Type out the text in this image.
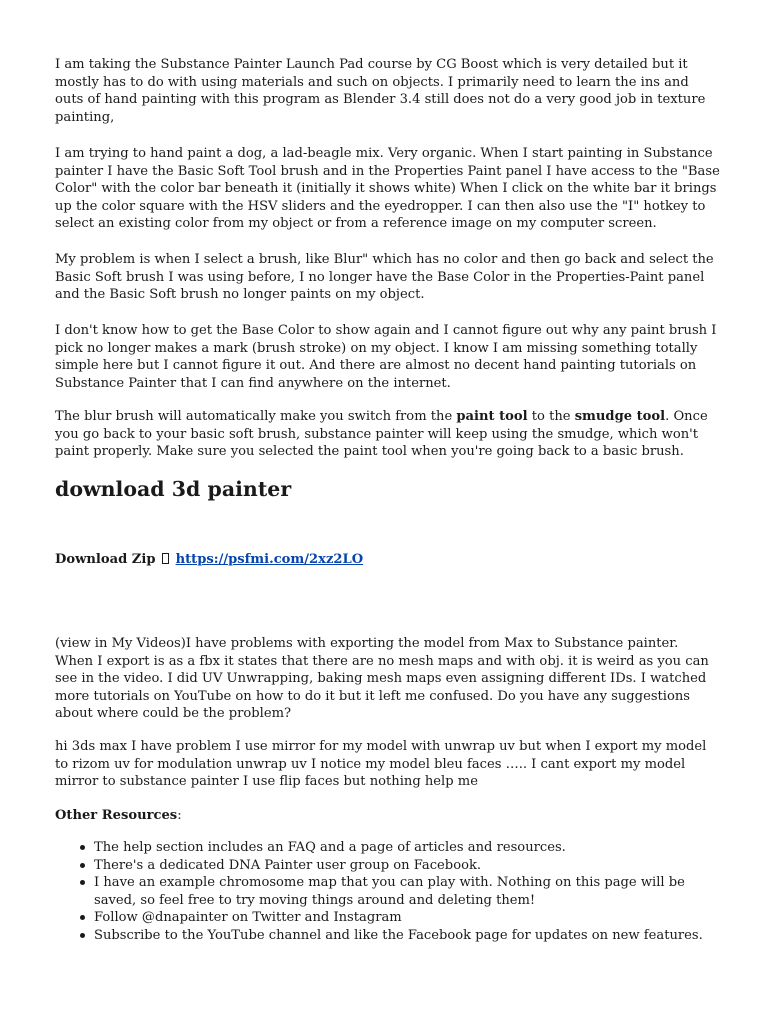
I am taking the Substance Painter Launch Pad course by CG Boost which is very detailed but it mostly has to do with using materials and such on objects. I primarily need to learn the ins and outs of hand painting with this program as Blender 3.4 still does not do a very good job in texture painting,

I am trying to hand paint a dog, a lad-beagle mix. Very organic. When I start painting in Substance painter I have the Basic Soft Tool brush and in the Properties Paint panel I have access to the "Base Color" with the color bar beneath it (initially it shows white) When I click on the white bar it brings up the color square with the HSV sliders and the eyedropper. I can then also use the "I" hotkey to select an existing color from my object or from a reference image on my computer screen.

My problem is when I select a brush, like Blur" which has no color and then go back and select the Basic Soft brush I was using before, I no longer have the Base Color in the Properties-Paint panel and the Basic Soft brush no longer paints on my object.

I don't know how to get the Base Color to show again and I cannot figure out why any paint brush I pick no longer makes a mark (brush stroke) on my object. I know I am missing something totally simple here but I cannot figure it out. And there are almost no decent hand painting tutorials on Substance Painter that I can find anywhere on the internet.

The blur brush will automatically make you switch from the paint tool to the smudge tool. Once you go back to your basic soft brush, substance painter will keep using the smudge, which won't paint properly. Make sure you selected the paint tool when you're going back to a basic brush.

download 3d painter

Download Zip https://psfmi.com/2xz2LO

(view in My Videos)I have problems with exporting the model from Max to Substance painter. When I export is as a fbx it states that there are no mesh maps and with obj. it is weird as you can see in the video. I did UV Unwrapping, baking mesh maps even assigning different IDs. I watched more tutorials on YouTube on how to do it but it left me confused. Do you have any suggestions about where could be the problem?

hi 3ds max I have problem I use mirror for my model with unwrap uv but when I export my model to rizom uv for modulation unwrap uv I notice my model bleu faces ….. I cant export my model mirror to substance painter I use flip faces but nothing help me

Other Resources:

The help section includes an FAQ and a page of articles and resources.
There's a dedicated DNA Painter user group on Facebook.
I have an example chromosome map that you can play with. Nothing on this page will be saved, so feel free to try moving things around and deleting them!
Follow @dnapainter on Twitter and Instagram
Subscribe to the YouTube channel and like the Facebook page for updates on new features.
